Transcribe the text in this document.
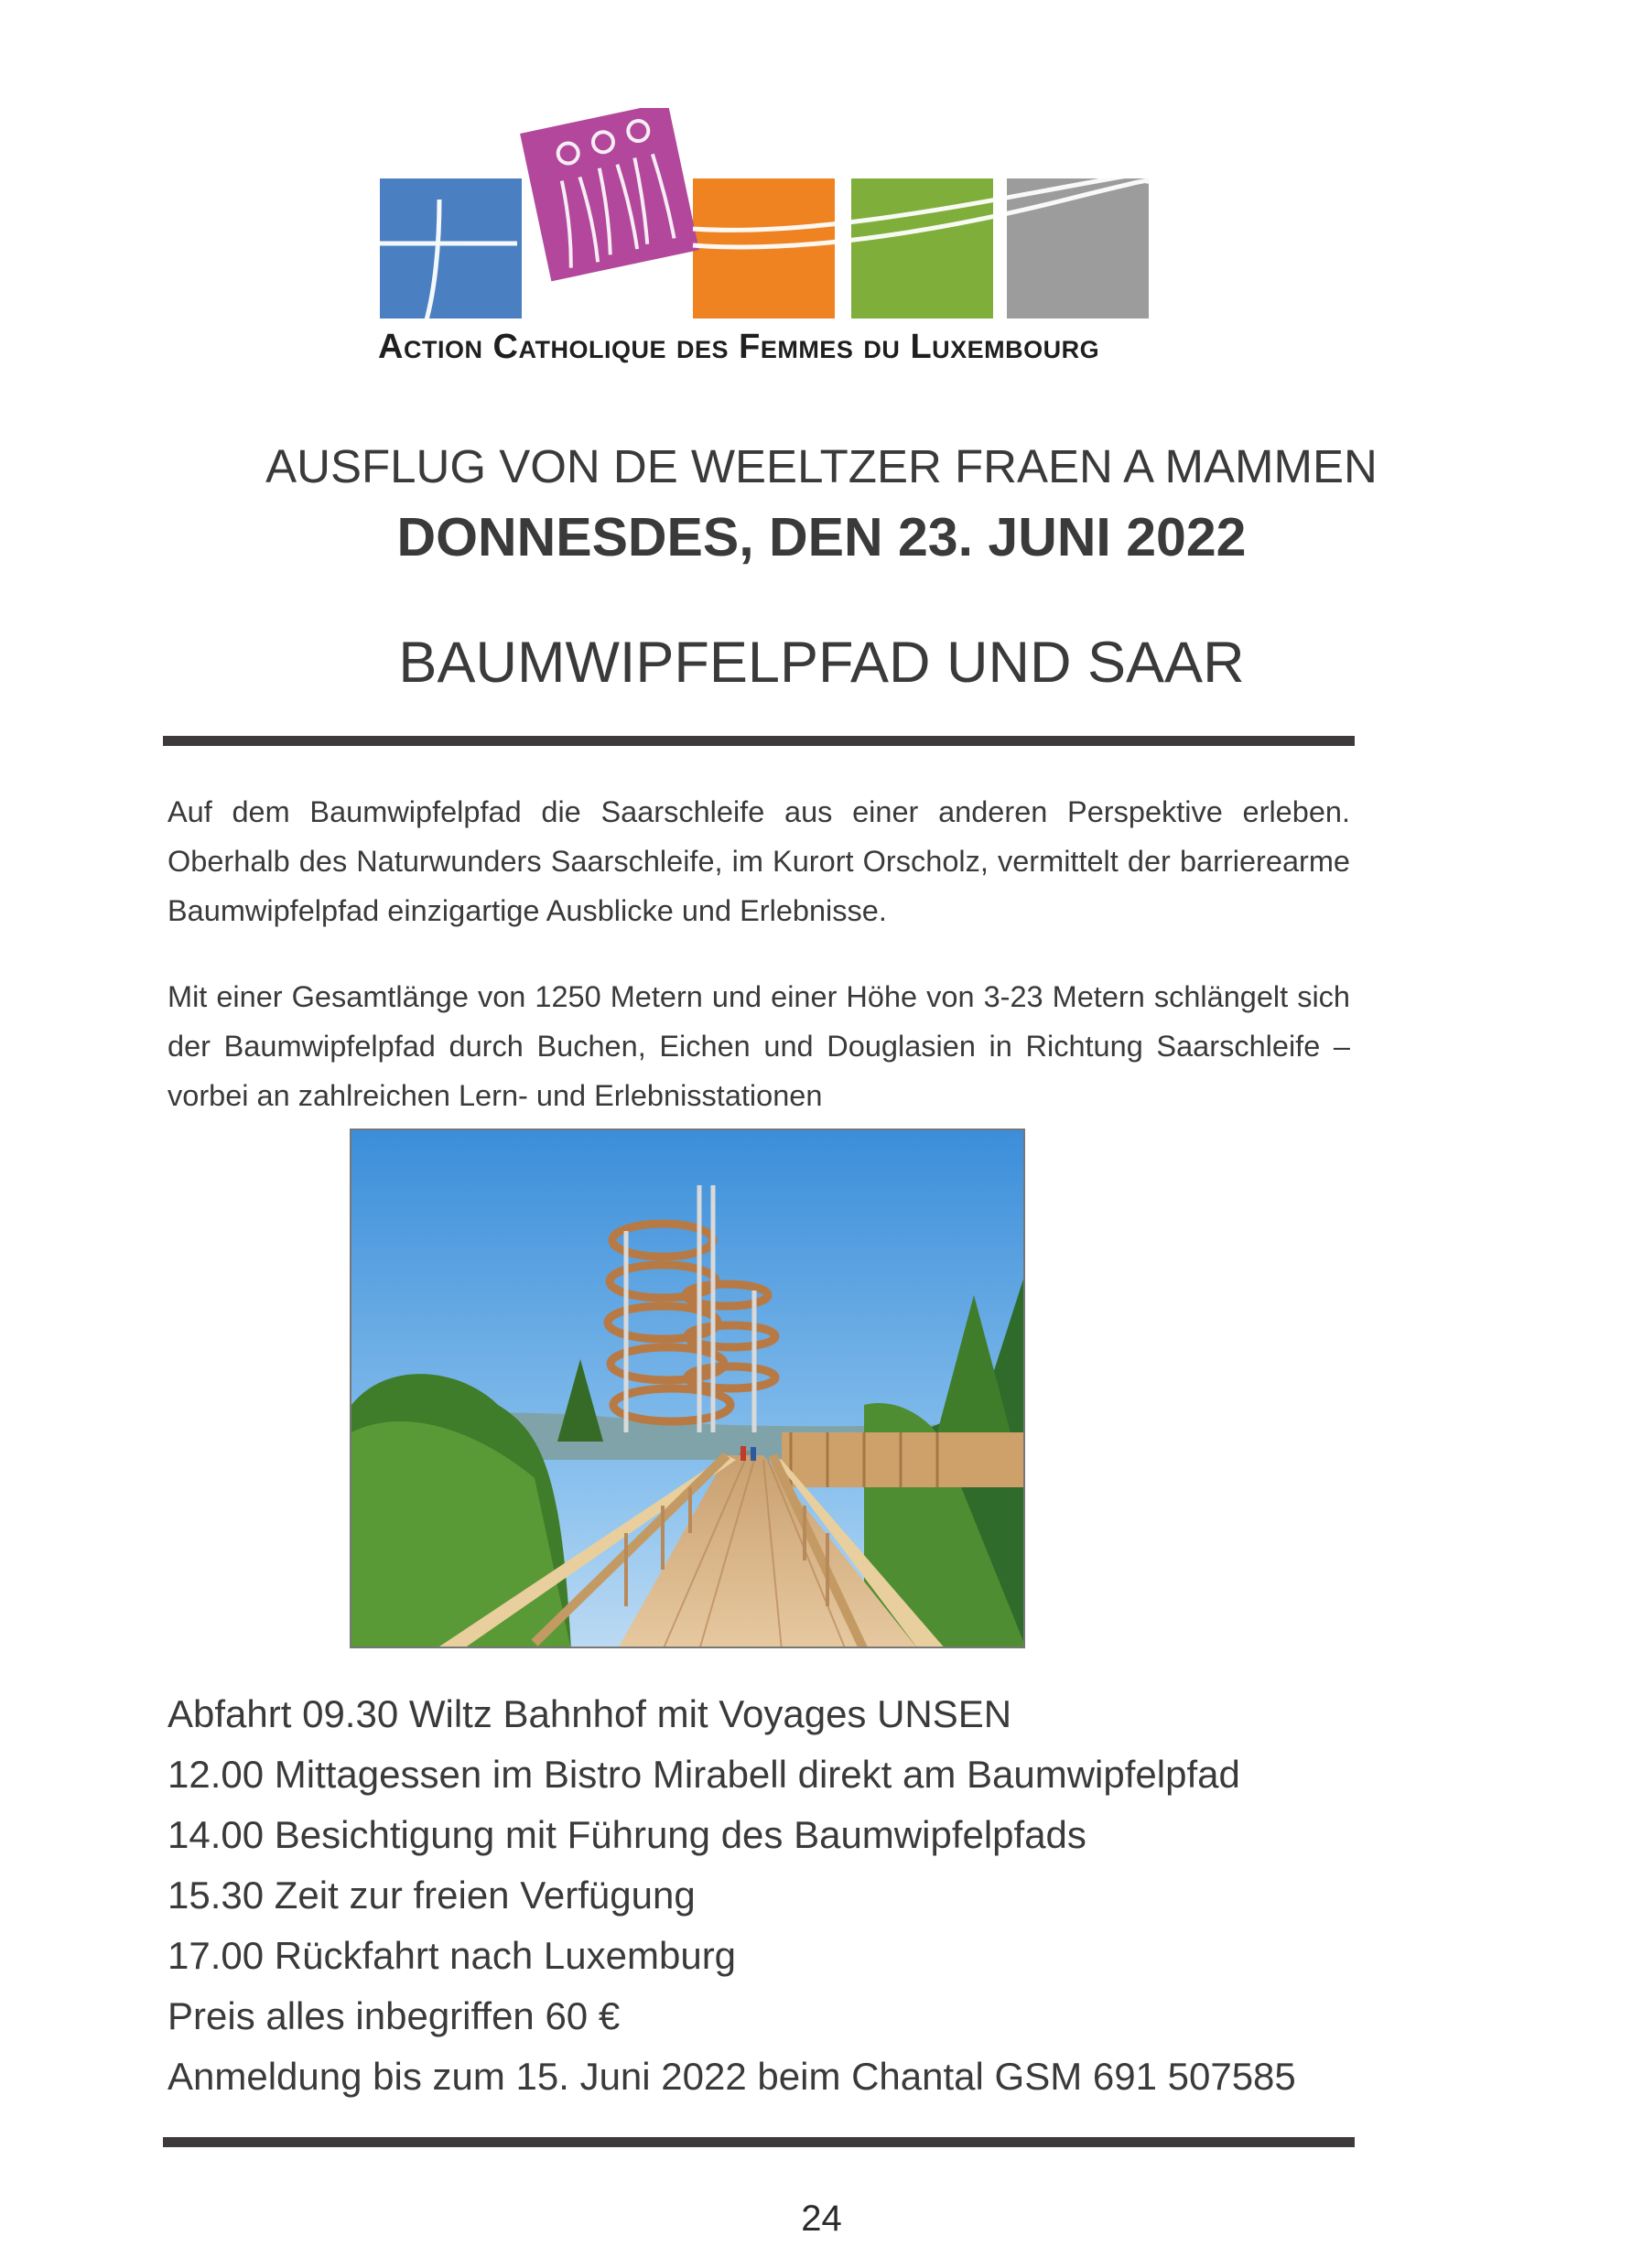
Action Catholique des Femmes du Luxembourg
AUSFLUG VON DE WEELTZER FRAEN A MAMMEN
DONNESDES, DEN 23. JUNI 2022
BAUMWIPFELPFAD UND SAAR
Auf dem Baumwipfelpfad die Saarschleife aus einer anderen Perspektive erleben. Oberhalb des Naturwunders Saarschleife, im Kurort Orscholz, vermittelt der barrierearme Baumwipfelpfad einzigartige Ausblicke und Erlebnisse.
Mit einer Gesamtlänge von 1250 Metern und einer Höhe von 3-23 Metern schlängelt sich der Baumwipfelpfad durch Buchen, Eichen und Douglasien in Richtung Saarschleife – vorbei an zahlreichen Lern- und Erlebnisstationen
Abfahrt 09.30 Wiltz Bahnhof mit Voyages UNSEN
12.00 Mittagessen im Bistro Mirabell direkt am Baumwipfelpfad
14.00 Besichtigung mit Führung des Baumwipfelpfads
15.30 Zeit zur freien Verfügung
17.00 Rückfahrt nach Luxemburg
Preis alles inbegriffen 60 €
Anmeldung bis zum 15. Juni 2022 beim Chantal GSM 691 507585
24
